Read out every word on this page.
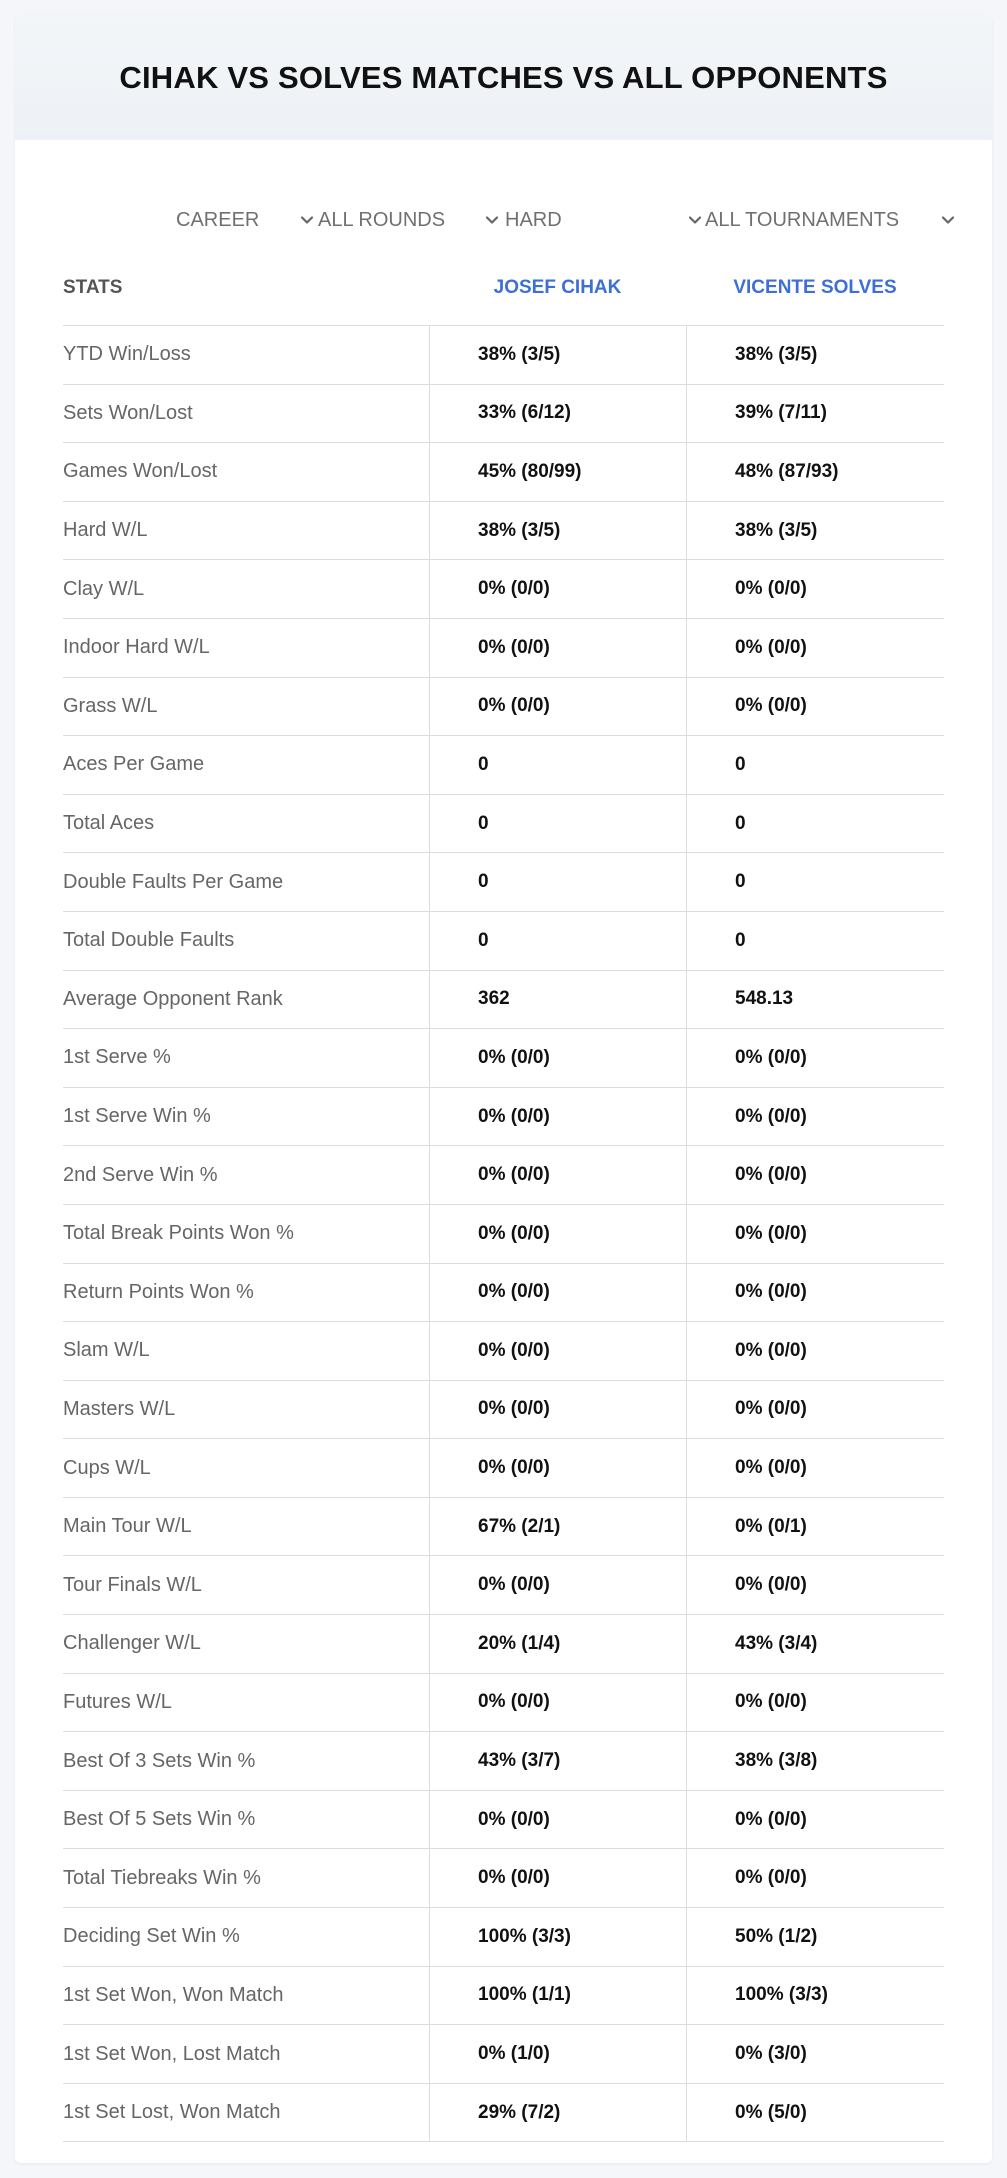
CIHAK VS SOLVES MATCHES VS ALL OPPONENTS
CAREER	ALL ROUNDS	HARD	ALL TOURNAMENTS
STATS	JOSEF CIHAK	VICENTE SOLVES
YTD Win/Loss	38% (3/5)	38% (3/5)
Sets Won/Lost	33% (6/12)	39% (7/11)
Games Won/Lost	45% (80/99)	48% (87/93)
Hard W/L	38% (3/5)	38% (3/5)
Clay W/L	0% (0/0)	0% (0/0)
Indoor Hard W/L	0% (0/0)	0% (0/0)
Grass W/L	0% (0/0)	0% (0/0)
Aces Per Game	0	0
Total Aces	0	0
Double Faults Per Game	0	0
Total Double Faults	0	0
Average Opponent Rank	362	548.13
1st Serve %	0% (0/0)	0% (0/0)
1st Serve Win %	0% (0/0)	0% (0/0)
2nd Serve Win %	0% (0/0)	0% (0/0)
Total Break Points Won %	0% (0/0)	0% (0/0)
Return Points Won %	0% (0/0)	0% (0/0)
Slam W/L	0% (0/0)	0% (0/0)
Masters W/L	0% (0/0)	0% (0/0)
Cups W/L	0% (0/0)	0% (0/0)
Main Tour W/L	67% (2/1)	0% (0/1)
Tour Finals W/L	0% (0/0)	0% (0/0)
Challenger W/L	20% (1/4)	43% (3/4)
Futures W/L	0% (0/0)	0% (0/0)
Best Of 3 Sets Win %	43% (3/7)	38% (3/8)
Best Of 5 Sets Win %	0% (0/0)	0% (0/0)
Total Tiebreaks Win %	0% (0/0)	0% (0/0)
Deciding Set Win %	100% (3/3)	50% (1/2)
1st Set Won, Won Match	100% (1/1)	100% (3/3)
1st Set Won, Lost Match	0% (1/0)	0% (3/0)
1st Set Lost, Won Match	29% (7/2)	0% (5/0)
